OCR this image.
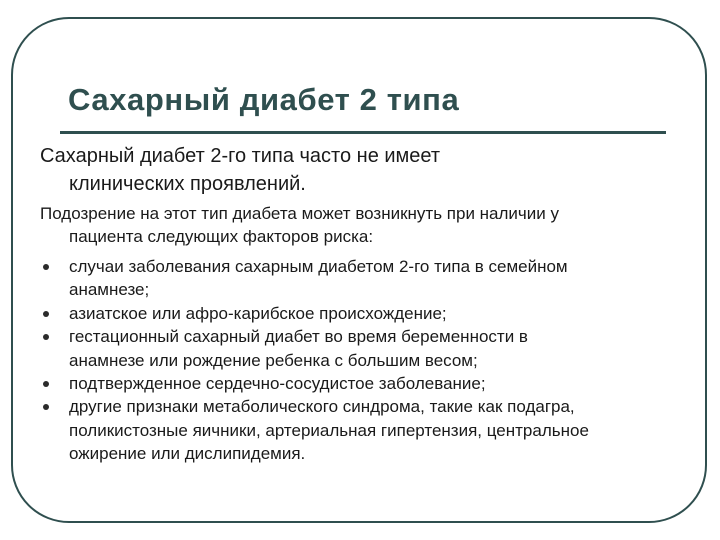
Сахарный диабет 2 типа
Сахарный диабет 2-го типа часто не имеет
клинических проявлений.
Подозрение на этот тип диабета может возникнуть при наличии у
пациента следующих факторов риска:
случаи заболевания сахарным диабетом 2-го типа в семейном
анамнезе;
азиатское или афро-карибское происхождение;
гестационный сахарный диабет во время беременности в
анамнезе или рождение ребенка с большим весом;
подтвержденное сердечно-сосудистое заболевание;
другие признаки метаболического синдрома, такие как подагра,
поликистозные яичники, артериальная гипертензия, центральное
ожирение или дислипидемия.
